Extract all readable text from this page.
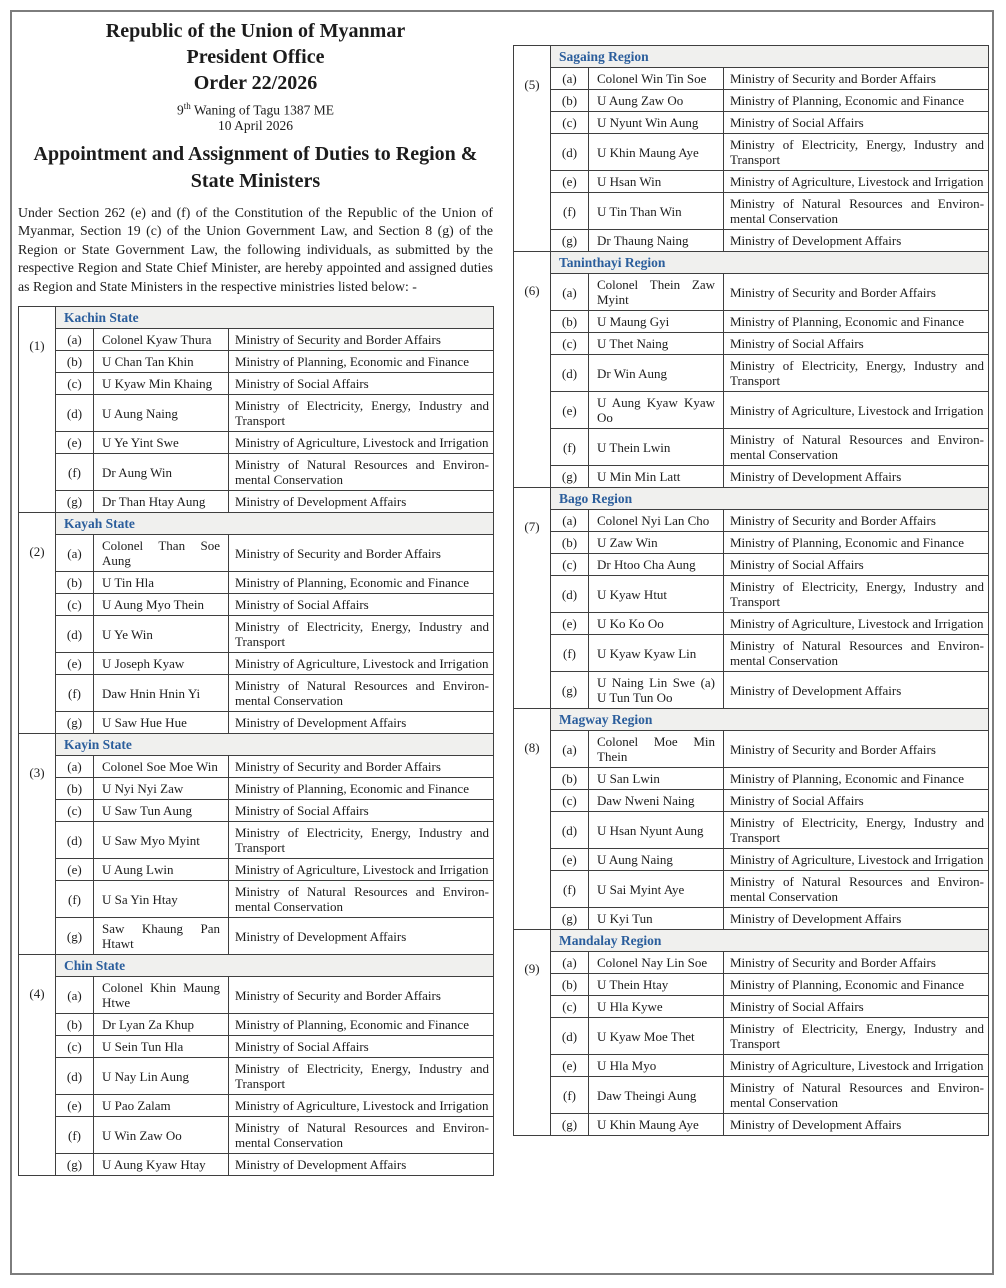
Republic of the Union of Myanmar
President Office
Order 22/2026
9th Waning of Tagu 1387 ME
10 April 2026
Appointment and Assignment of Duties to Region & State Ministers

Under Section 262 (e) and (f) of the Constitution of the Republic of the Union of Myanmar, Section 19 (c) of the Union Government Law, and Section 8 (g) of the Region or State Government Law, the following individuals, as submitted by the respective Region and State Chief Minister, are hereby appointed and assigned duties as Region and State Ministers in the respective ministries listed below: -

(1)	Kachin State		
	(a)	Colonel Kyaw Thura	Ministry of Security and Border Affairs
	(b)	U Chan Tan Khin	Ministry of Planning, Economic and Finance
	(c)	U Kyaw Min Khaing	Ministry of Social Affairs
	(d)	U Aung Naing	Ministry of Electricity, Energy, Industry and Transport
	(e)	U Ye Yint Swe	Ministry of Agriculture, Livestock and Irrigation
	(f)	Dr Aung Win	Ministry of Natural Resources and Environmental Conservation
	(g)	Dr Than Htay Aung	Ministry of Development Affairs
(2)	Kayah State		
	(a)	Colonel Than Soe Aung	Ministry of Security and Border Affairs
	(b)	U Tin Hla	Ministry of Planning, Economic and Finance
	(c)	U Aung Myo Thein	Ministry of Social Affairs
	(d)	U Ye Win	Ministry of Electricity, Energy, Industry and Transport
	(e)	U Joseph Kyaw	Ministry of Agriculture, Livestock and Irrigation
	(f)	Daw Hnin Hnin Yi	Ministry of Natural Resources and Environmental Conservation
	(g)	U Saw Hue Hue	Ministry of Development Affairs
(3)	Kayin State		
	(a)	Colonel Soe Moe Win	Ministry of Security and Border Affairs
	(b)	U Nyi Nyi Zaw	Ministry of Planning, Economic and Finance
	(c)	U Saw Tun Aung	Ministry of Social Affairs
	(d)	U Saw Myo Myint	Ministry of Electricity, Energy, Industry and Transport
	(e)	U Aung Lwin	Ministry of Agriculture, Livestock and Irrigation
	(f)	U Sa Yin Htay	Ministry of Natural Resources and Environmental Conservation
	(g)	Saw Khaung Pan Htawt	Ministry of Development Affairs
(4)	Chin State		
	(a)	Colonel Khin Maung Htwe	Ministry of Security and Border Affairs
	(b)	Dr Lyan Za Khup	Ministry of Planning, Economic and Finance
	(c)	U Sein Tun Hla	Ministry of Social Affairs
	(d)	U Nay Lin Aung	Ministry of Electricity, Energy, Industry and Transport
	(e)	U Pao Zalam	Ministry of Agriculture, Livestock and Irrigation
	(f)	U Win Zaw Oo	Ministry of Natural Resources and Environmental Conservation
	(g)	U Aung Kyaw Htay	Ministry of Development Affairs
(5)	Sagaing Region		
	(a)	Colonel Win Tin Soe	Ministry of Security and Border Affairs
	(b)	U Aung Zaw Oo	Ministry of Planning, Economic and Finance
	(c)	U Nyunt Win Aung	Ministry of Social Affairs
	(d)	U Khin Maung Aye	Ministry of Electricity, Energy, Industry and Transport
	(e)	U Hsan Win	Ministry of Agriculture, Livestock and Irrigation
	(f)	U Tin Than Win	Ministry of Natural Resources and Environmental Conservation
	(g)	Dr Thaung Naing	Ministry of Development Affairs
(6)	Taninthayi Region		
	(a)	Colonel Thein Zaw Myint	Ministry of Security and Border Affairs
	(b)	U Maung Gyi	Ministry of Planning, Economic and Finance
	(c)	U Thet Naing	Ministry of Social Affairs
	(d)	Dr Win Aung	Ministry of Electricity, Energy, Industry and Transport
	(e)	U Aung Kyaw Kyaw Oo	Ministry of Agriculture, Livestock and Irrigation
	(f)	U Thein Lwin	Ministry of Natural Resources and Environmental Conservation
	(g)	U Min Min Latt	Ministry of Development Affairs
(7)	Bago Region		
	(a)	Colonel Nyi Lan Cho	Ministry of Security and Border Affairs
	(b)	U Zaw Win	Ministry of Planning, Economic and Finance
	(c)	Dr Htoo Cha Aung	Ministry of Social Affairs
	(d)	U Kyaw Htut	Ministry of Electricity, Energy, Industry and Transport
	(e)	U Ko Ko Oo	Ministry of Agriculture, Livestock and Irrigation
	(f)	U Kyaw Kyaw Lin	Ministry of Natural Resources and Environmental Conservation
	(g)	U Naing Lin Swe (a) U Tun Tun Oo	Ministry of Development Affairs
(8)	Magway Region		
	(a)	Colonel Moe Min Thein	Ministry of Security and Border Affairs
	(b)	U San Lwin	Ministry of Planning, Economic and Finance
	(c)	Daw Nweni Naing	Ministry of Social Affairs
	(d)	U Hsan Nyunt Aung	Ministry of Electricity, Energy, Industry and Transport
	(e)	U Aung Naing	Ministry of Agriculture, Livestock and Irrigation
	(f)	U Sai Myint Aye	Ministry of Natural Resources and Environmental Conservation
	(g)	U Kyi Tun	Ministry of Development Affairs
(9)	Mandalay Region		
	(a)	Colonel Nay Lin Soe	Ministry of Security and Border Affairs
	(b)	U Thein Htay	Ministry of Planning, Economic and Finance
	(c)	U Hla Kywe	Ministry of Social Affairs
	(d)	U Kyaw Moe Thet	Ministry of Electricity, Energy, Industry and Transport
	(e)	U Hla Myo	Ministry of Agriculture, Livestock and Irrigation
	(f)	Daw Theingi Aung	Ministry of Natural Resources and Environmental Conservation
	(g)	U Khin Maung Aye	Ministry of Development Affairs
